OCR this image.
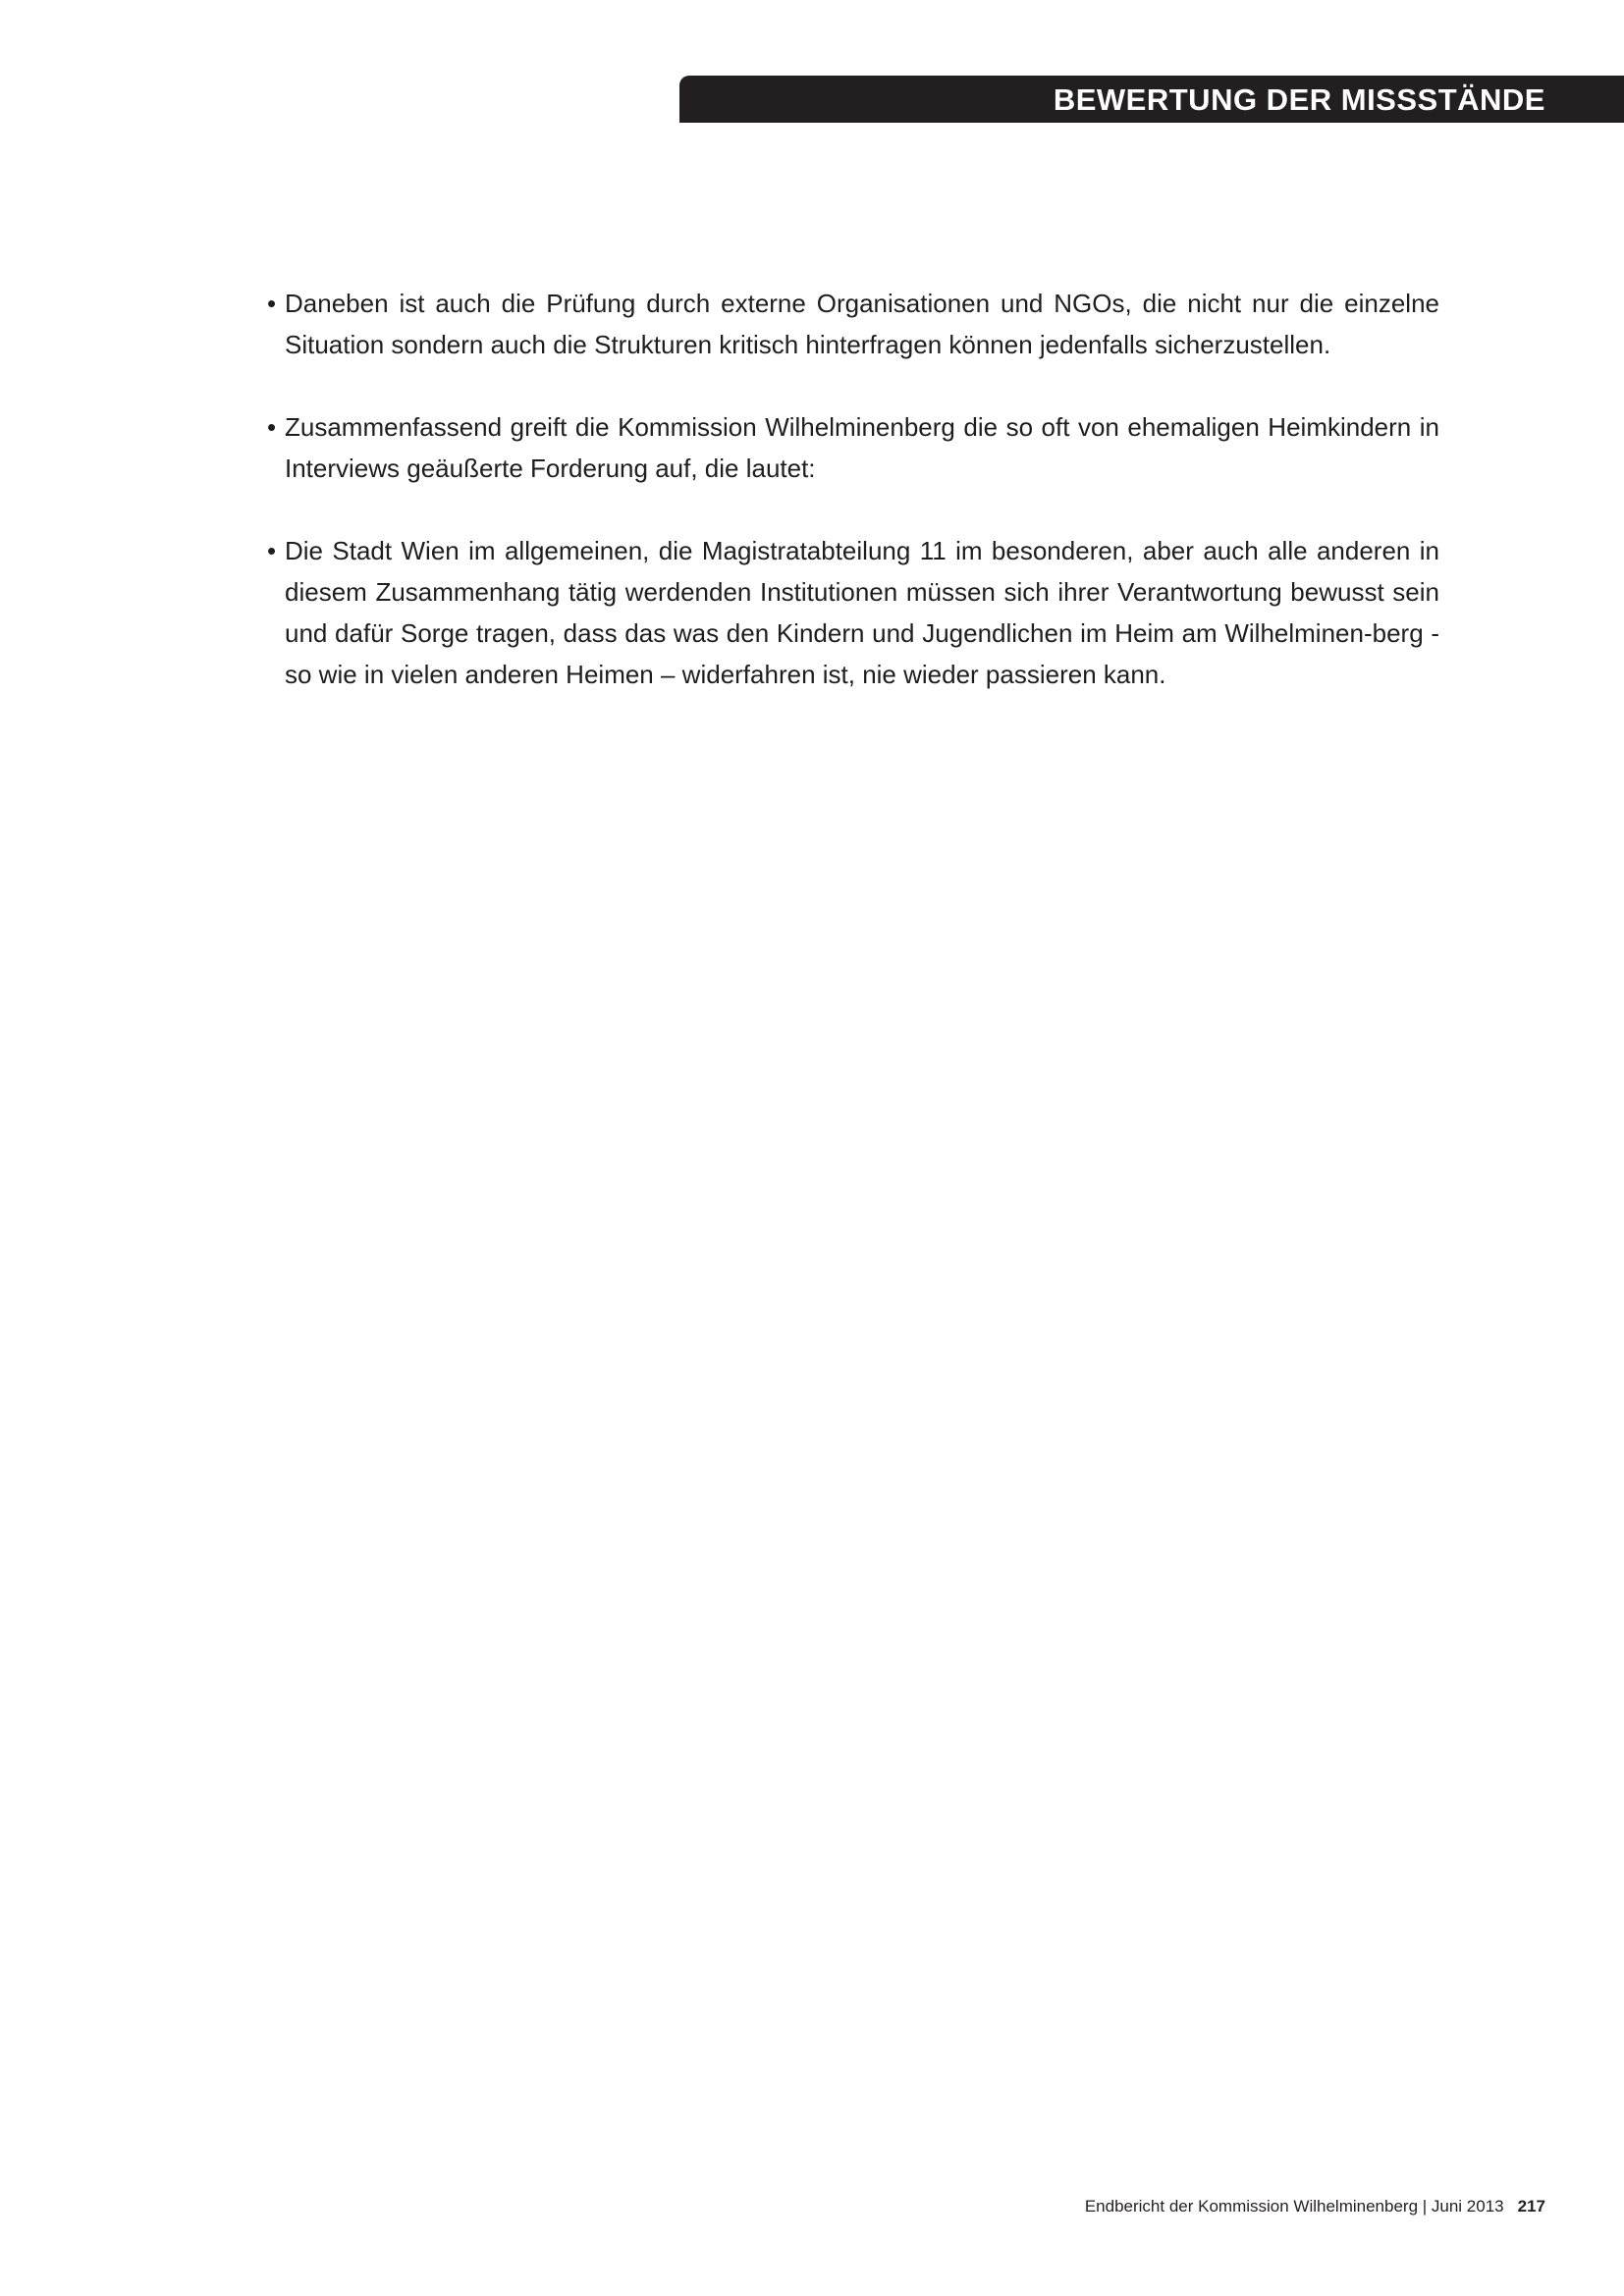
BEWERTUNG DER MISSSTÄNDE
• Daneben ist auch die Prüfung durch externe Organisationen und NGOs, die nicht nur die einzelne Situation sondern auch die Strukturen kritisch hinterfragen können jedenfalls sicherzustellen.
• Zusammenfassend greift die Kommission Wilhelminenberg die so oft von ehemaligen Heimkindern in Interviews geäußerte Forderung auf, die lautet:
• Die Stadt Wien im allgemeinen, die Magistratabteilung 11 im besonderen, aber auch alle anderen in diesem Zusammenhang tätig werdenden Institutionen müssen sich ihrer Verantwortung bewusst sein und dafür Sorge tragen, dass das was den Kindern und Jugendlichen im Heim am Wilhelminen-berg - so wie in vielen anderen Heimen – widerfahren ist, nie wieder passieren kann.
Endbericht der Kommission Wilhelminenberg | Juni 2013 217
